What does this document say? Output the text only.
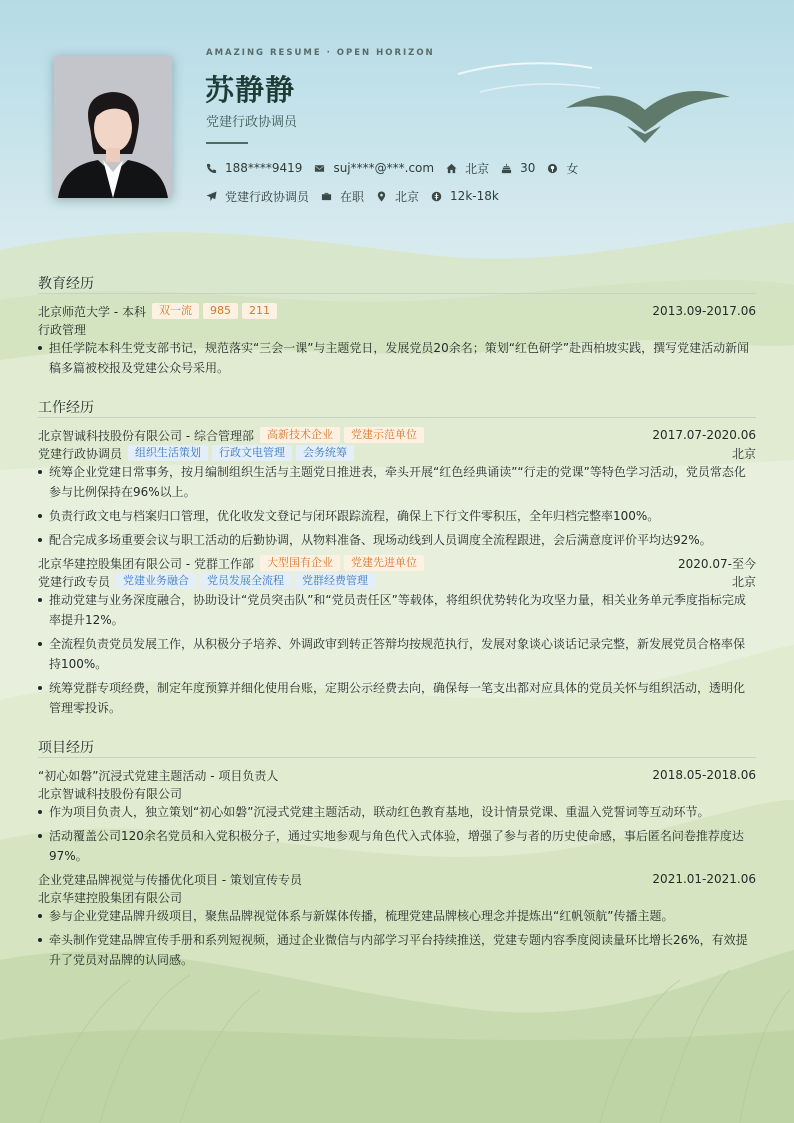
AMAZING RESUME · OPEN HORIZON
苏静静
党建行政协调员
188****9419	suj****@***.com	北京	30	女
党建行政协调员	在职	北京	12k-18k
教育经历
北京师范大学 - 本科	双一流	985	211	2013.09-2017.06
行政管理
担任学院本科生党支部书记，规范落实“三会一课”与主题党日，发展党员20余名；策划“红色研学”赴西柏坡实践，撰写党建活动新闻稿多篇被校报及党建公众号采用。
工作经历
北京智诚科技股份有限公司 - 综合管理部	高新技术企业	党建示范单位	2017.07-2020.06
党建行政协调员	组织生活策划	行政文电管理	会务统筹	北京
统筹企业党建日常事务，按月编制组织生活与主题党日推进表，牵头开展“红色经典诵读”“行走的党课”等特色学习活动，党员常态化参与比例保持在96%以上。
负责行政文电与档案归口管理，优化收发文登记与闭环跟踪流程，确保上下行文件零积压，全年归档完整率100%。
配合完成多场重要会议与职工活动的后勤协调，从物料准备、现场动线到人员调度全流程跟进，会后满意度评价平均达92%。
北京华建控股集团有限公司 - 党群工作部	大型国有企业	党建先进单位	2020.07-至今
党建行政专员	党建业务融合	党员发展全流程	党群经费管理	北京
推动党建与业务深度融合，协助设计“党员突击队”和“党员责任区”等载体，将组织优势转化为攻坚力量，相关业务单元季度指标完成率提升12%。
全流程负责党员发展工作，从积极分子培养、外调政审到转正答辩均按规范执行，发展对象谈心谈话记录完整，新发展党员合格率保持100%。
统筹党群专项经费，制定年度预算并细化使用台账，定期公示经费去向，确保每一笔支出都对应具体的党员关怀与组织活动，透明化管理零投诉。
项目经历
“初心如磐”沉浸式党建主题活动 - 项目负责人	2018.05-2018.06
北京智诚科技股份有限公司
作为项目负责人，独立策划“初心如磐”沉浸式党建主题活动，联动红色教育基地，设计情景党课、重温入党誓词等互动环节。
活动覆盖公司120余名党员和入党积极分子，通过实地参观与角色代入式体验，增强了参与者的历史使命感，事后匿名问卷推荐度达97%。
企业党建品牌视觉与传播优化项目 - 策划宣传专员	2021.01-2021.06
北京华建控股集团有限公司
参与企业党建品牌升级项目，聚焦品牌视觉体系与新媒体传播，梳理党建品牌核心理念并提炼出“红帆领航”传播主题。
牵头制作党建品牌宣传手册和系列短视频，通过企业微信与内部学习平台持续推送，党建专题内容季度阅读量环比增长26%，有效提升了党员对品牌的认同感。
